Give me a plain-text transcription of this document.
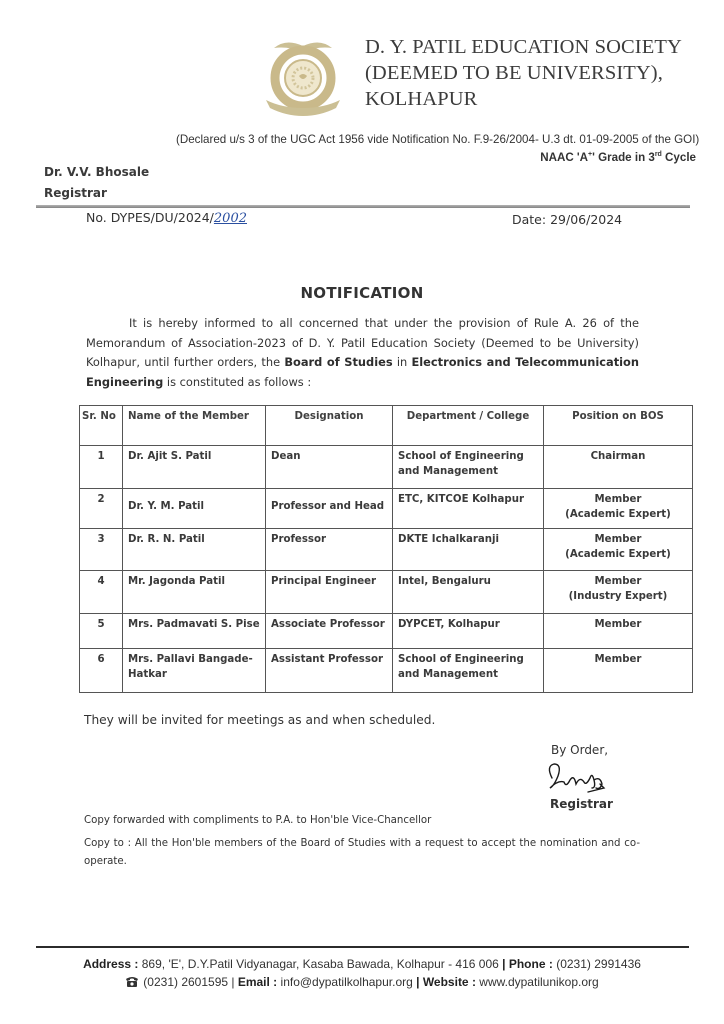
D. Y. PATIL EDUCATION SOCIETY
(DEEMED TO BE UNIVERSITY),
KOLHAPUR
(Declared u/s 3 of the UGC Act 1956 vide Notification No. F.9-26/2004- U.3 dt. 01-09-2005 of the GOI)
NAAC 'A+' Grade in 3rd Cycle
Dr. V.V. Bhosale
Registrar
No. DYPES/DU/2024/2002	Date: 29/06/2024
NOTIFICATION
It is hereby informed to all concerned that under the provision of Rule A. 26 of the Memorandum of Association-2023 of D. Y. Patil Education Society (Deemed to be University) Kolhapur, until further orders, the Board of Studies in Electronics and Telecommunication Engineering is constituted as follows :
Sr. No	Name of the Member	Designation	Department / College	Position on BOS
1	Dr. Ajit S. Patil	Dean	School of Engineering and Management	Chairman

2	Dr. Y. M. Patil	Professor and Head	ETC, KITCOE Kolhapur	Member
(Academic Expert)

3	Dr. R. N. Patil	Professor	DKTE Ichalkaranji	Member
(Academic Expert)

4	Mr. Jagonda Patil	Principal Engineer	Intel, Bengaluru	Member
(Industry Expert)

5	Mrs. Padmavati S. Pise	Associate Professor	DYPCET, Kolhapur	Member

6	Mrs. Pallavi Bangade-Hatkar	Assistant Professor	School of Engineering and Management	Member
They will be invited for meetings as and when scheduled.
By Order,
Registrar
Copy forwarded with compliments to P.A. to Hon'ble Vice-Chancellor
Copy to : All the Hon'ble members of the Board of Studies with a request to accept the nomination and co-operate.
Address : 869, 'E', D.Y.Patil Vidyanagar, Kasaba Bawada, Kolhapur - 416 006 | Phone : (0231) 2991436
(0231) 2601595 | Email : info@dypatilkolhapur.org | Website : www.dypatilunikop.org
